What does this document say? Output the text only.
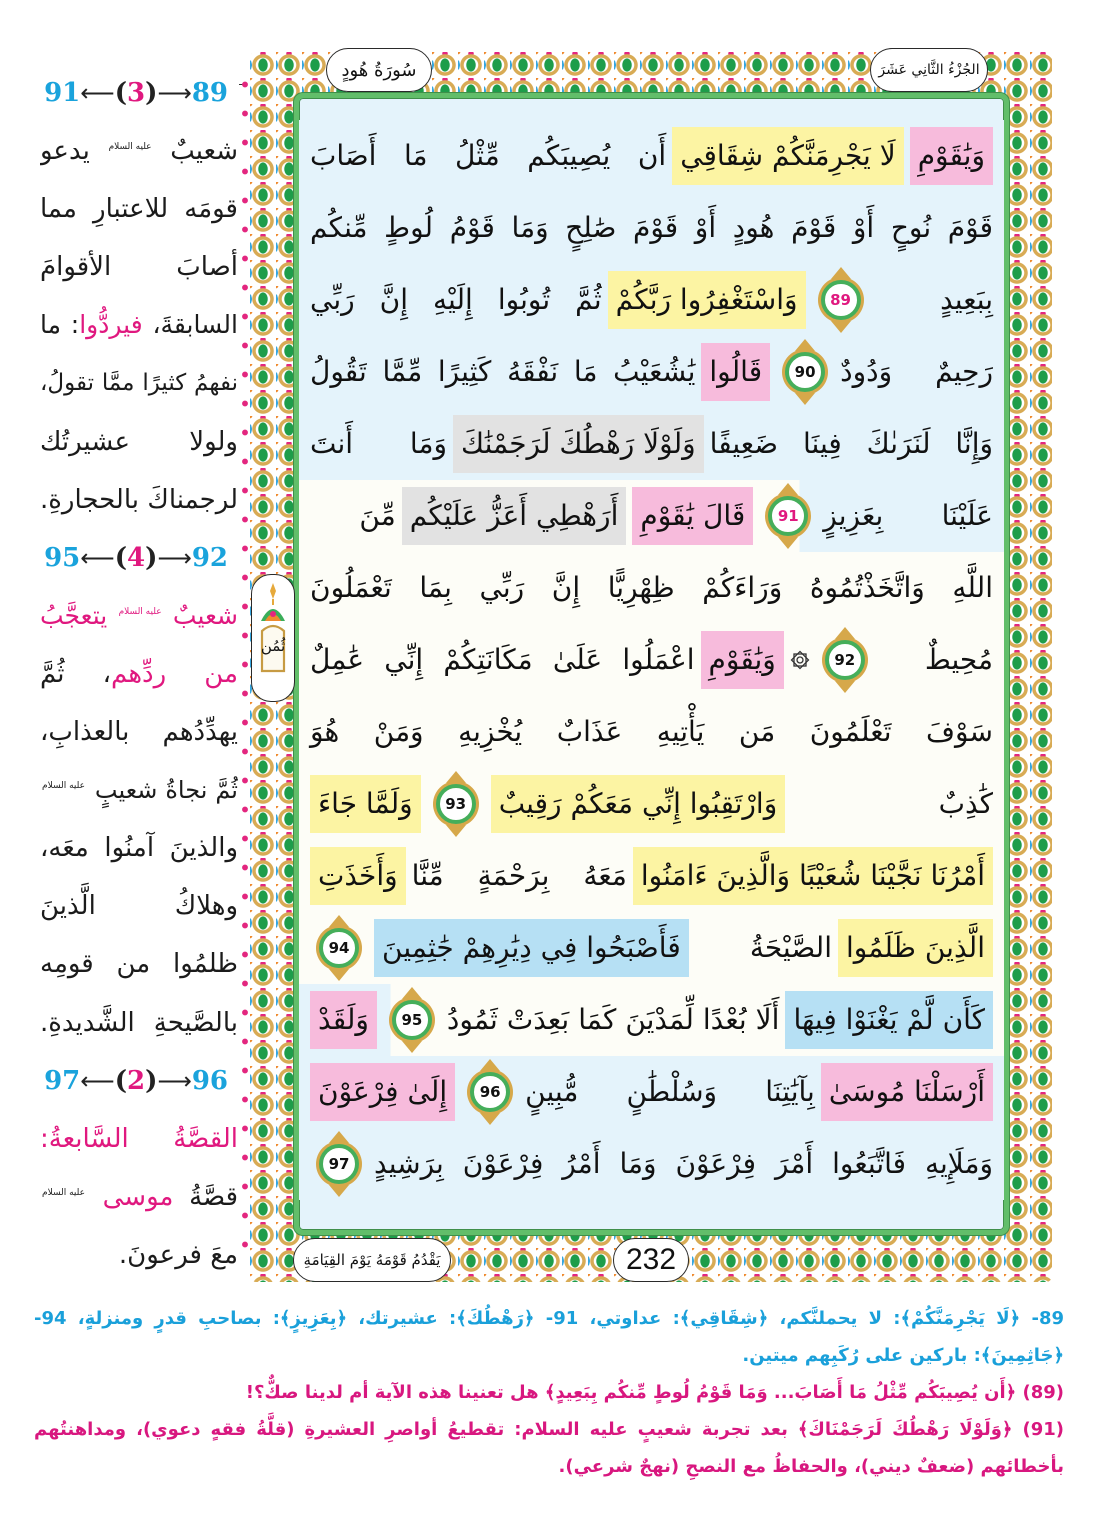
91⟵(3)⟶89
شعيبٌ عليه السلام يدعو
قومَه للاعتبارِ مما
أصابَ الأقوامَ
السابقةَ، فيردُّوا: ما
نفهمُ كثيرًا ممَّا تقولُ،
ولولا عشيرتُك
لرجمناكَ بالحجارةِ.
95⟵(4)⟶92
شعيبٌ عليه السلام يتعجَّبُ
من ردِّهم، ثُمَّ
يهدِّدُهم بالعذابِ،
ثُمَّ نجاةُ شعيبٍ عليه السلام
والذينَ آمنُوا معَه،
وهلاكُ الَّذينَ
ظلمُوا من قومِه
بالصَّيحةِ الشَّديدةِ.
97⟵(2)⟶96
القصَّةُ السَّابعةُ:
قصَّةُ موسى عليه السلام
معَ فرعونَ.
وَيَٰقَوْمِ
لَا يَجْرِمَنَّكُمْ شِقَاقِي
أَن يُصِيبَكُم مِّثْلُ مَا أَصَابَ
قَوْمَ نُوحٍ أَوْ قَوْمَ هُودٍ أَوْ قَوْمَ صَٰلِحٍ وَمَا قَوْمُ لُوطٍ مِّنكُم
بِبَعِيدٍ
89
وَاسْتَغْفِرُوا رَبَّكُمْ
ثُمَّ تُوبُوا إِلَيْهِ إِنَّ رَبِّي
رَحِيمٌ وَدُودٌ
90
قَالُوا
يَٰشُعَيْبُ مَا نَفْقَهُ كَثِيرًا مِّمَّا تَقُولُ
وَإِنَّا لَنَرَىٰكَ فِينَا ضَعِيفًا
وَلَوْلَا رَهْطُكَ لَرَجَمْنَٰكَ
وَمَا أَنتَ
عَلَيْنَا بِعَزِيزٍ
91
قَالَ يَٰقَوْمِ
أَرَهْطِي أَعَزُّ عَلَيْكُم
مِّنَ
اللَّهِ وَاتَّخَذْتُمُوهُ وَرَاءَكُمْ ظِهْرِيًّا إِنَّ رَبِّي بِمَا تَعْمَلُونَ
مُحِيطٌ
92
وَيَٰقَوْمِ
اعْمَلُوا عَلَىٰ مَكَانَتِكُمْ إِنِّي عَٰمِلٌ
سَوْفَ تَعْلَمُونَ مَن يَأْتِيهِ عَذَابٌ يُخْزِيهِ وَمَنْ هُوَ
كَٰذِبٌ
وَارْتَقِبُوا إِنِّي مَعَكُمْ رَقِيبٌ
93
وَلَمَّا جَاءَ
أَمْرُنَا نَجَّيْنَا شُعَيْبًا وَالَّذِينَ ءَامَنُوا
مَعَهُ بِرَحْمَةٍ مِّنَّا
وَأَخَذَتِ
الَّذِينَ ظَلَمُوا
الصَّيْحَةُ
فَأَصْبَحُوا فِي دِيَٰرِهِمْ جَٰثِمِينَ
94
كَأَن لَّمْ يَغْنَوْا فِيهَا
أَلَا بُعْدًا لِّمَدْيَنَ كَمَا بَعِدَتْ ثَمُودُ
95
وَلَقَدْ
أَرْسَلْنَا مُوسَىٰ
بِآيَٰتِنَا وَسُلْطَٰنٍ مُّبِينٍ
96
إِلَىٰ فِرْعَوْنَ
وَمَلَإِيهِ فَاتَّبَعُوا أَمْرَ فِرْعَوْنَ وَمَا أَمْرُ فِرْعَوْنَ بِرَشِيدٍ
97
سُورَةُ هُودٍ	الجُزْءُ الثَّانِي عَشَرَ
يَقْدُمُ قَوْمَهُ يَوْمَ القِيَامَةِ	232
ثُمُن

89- ﴿لَا يَجْرِمَنَّكُمْ﴾: لا يحملنَّكم، ﴿شِقَاقِي﴾: عداوتي، 91- ﴿رَهْطُكَ﴾: عشيرتك، ﴿بِعَزِيزٍ﴾: بصاحبِ قدرٍ ومنزلةٍ، 94- ﴿جَاثِمِينَ﴾: باركين على رُكَبِهم ميتين.

(89) ﴿أَن يُصِيبَكُم مِّثْلُ مَا أَصَابَ... وَمَا قَوْمُ لُوطٍ مِّنكُم بِبَعِيدٍ﴾ هل تعنينا هذه الآية أم لدينا صكٌّ؟!

(91) ﴿وَلَوْلَا رَهْطُكَ لَرَجَمْنَاكَ﴾ بعد تجربة شعيبٍ عليه السلام: تقطيعُ أواصرِ العشيرةِ (قلَّةُ فقهٍ دعوي)، ومداهنتُهم بأخطائهم (ضعفٌ ديني)، والحفاظُ مع النصحِ (نهجٌ شرعي).
